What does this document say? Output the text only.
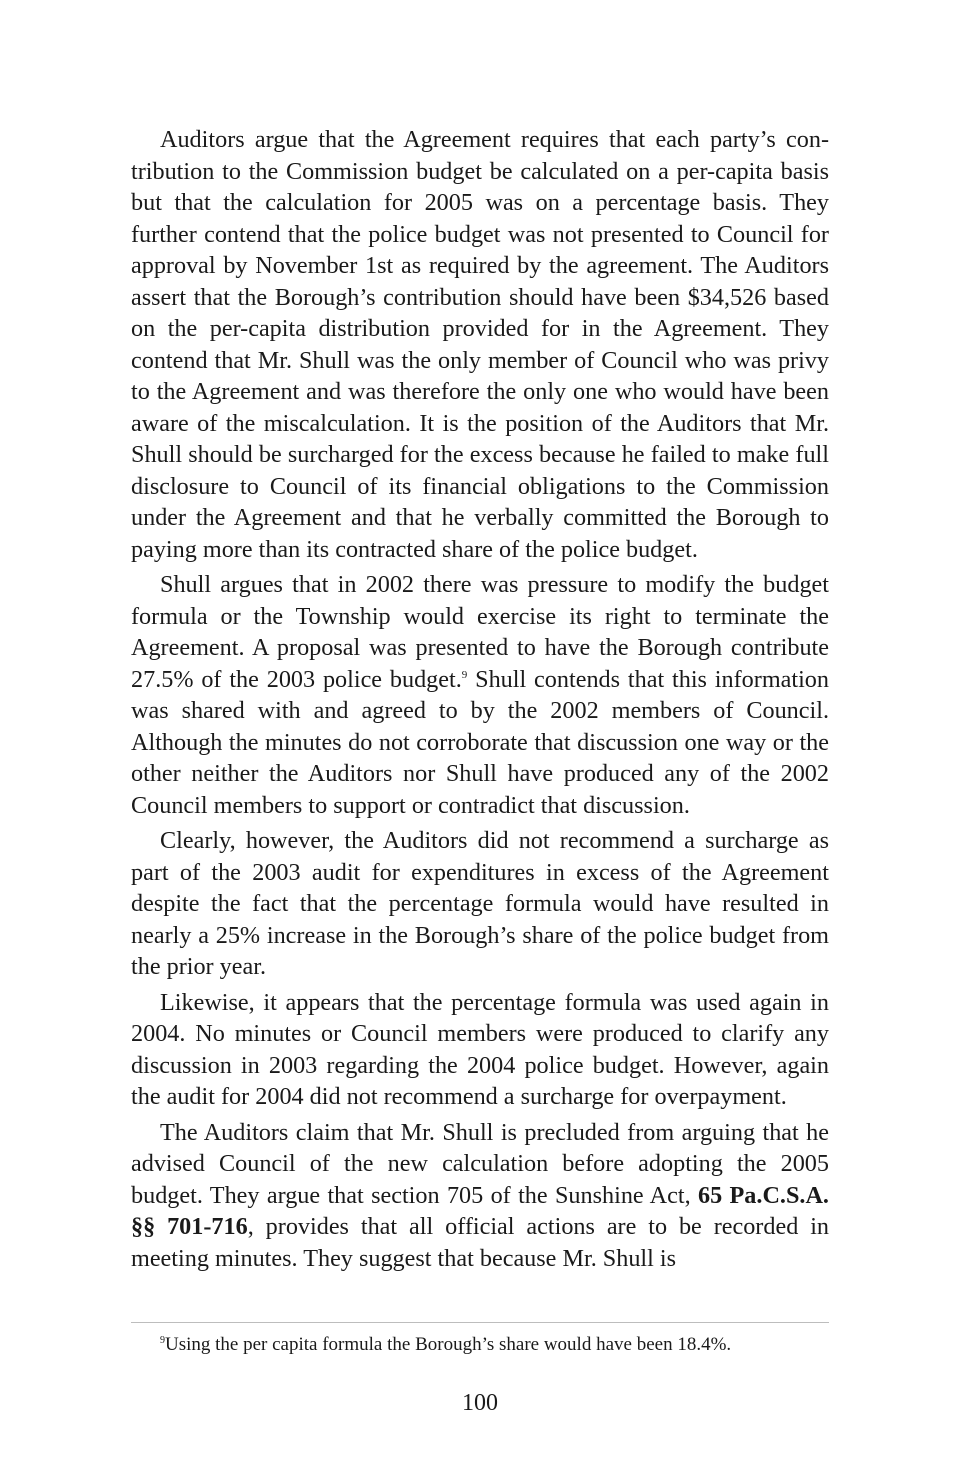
Auditors argue that the Agreement requires that each party’s contribution to the Commission budget be calculated on a per-capita basis but that the calculation for 2005 was on a percentage basis. They further contend that the police budget was not presented to Council for approval by November 1st as required by the agreement. The Auditors assert that the Borough’s contribution should have been $34,526 based on the per-capita distribution provided for in the Agreement. They contend that Mr. Shull was the only member of Council who was privy to the Agreement and was therefore the only one who would have been aware of the miscalculation. It is the position of the Auditors that Mr. Shull should be surcharged for the excess because he failed to make full disclosure to Council of its financial obligations to the Commission under the Agreement and that he verbally committed the Borough to paying more than its contracted share of the police budget.

Shull argues that in 2002 there was pressure to modify the budget formula or the Township would exercise its right to terminate the Agreement. A proposal was presented to have the Borough contribute 27.5% of the 2003 police budget.$^9$ Shull contends that this information was shared with and agreed to by the 2002 members of Council. Although the minutes do not corroborate that discussion one way or the other neither the Auditors nor Shull have produced any of the 2002 Council members to support or contradict that discussion.

Clearly, however, the Auditors did not recommend a surcharge as part of the 2003 audit for expenditures in excess of the Agreement despite the fact that the percentage formula would have resulted in nearly a 25% increase in the Borough’s share of the police budget from the prior year.

Likewise, it appears that the percentage formula was used again in 2004. No minutes or Council members were produced to clarify any discussion in 2003 regarding the 2004 police budget. However, again the audit for 2004 did not recommend a surcharge for overpayment.

The Auditors claim that Mr. Shull is precluded from arguing that he advised Council of the new calculation before adopting the 2005 budget. They argue that section 705 of the Sunshine Act, 65 Pa.C.S.A. §§ 701-716, provides that all official actions are to be recorded in meeting minutes. They suggest that because Mr. Shull is

$^9$Using the per capita formula the Borough’s share would have been 18.4%.
100
